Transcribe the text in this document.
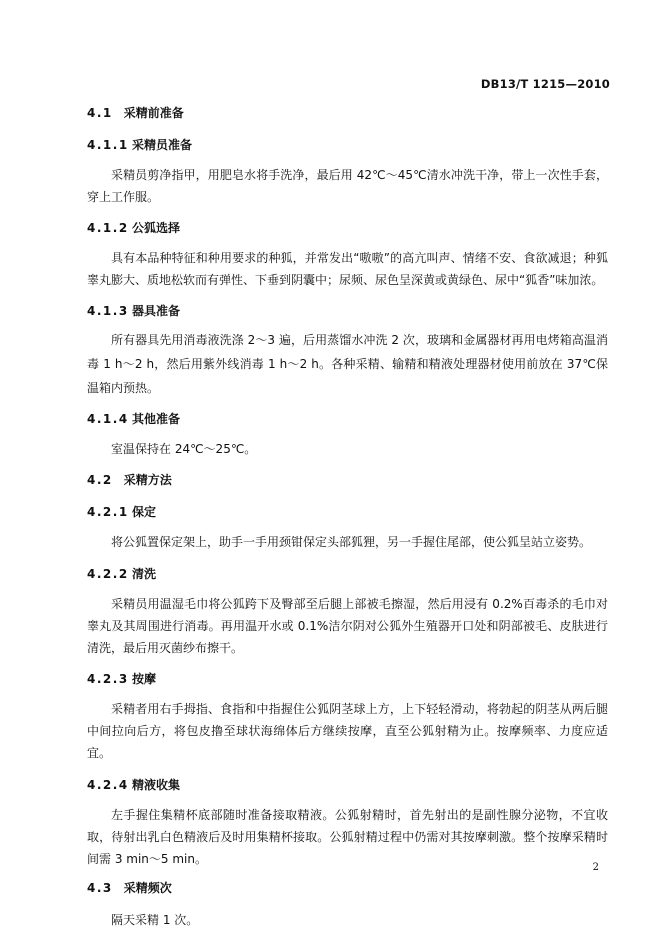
DB13/T 1215—2010
4.1 采精前准备
4.1.1 采精员准备

采精员剪净指甲，用肥皂水将手洗净，最后用 42℃～45℃清水冲洗干净，带上一次性手套，穿上工作服。

4.1.2 公狐选择

具有本品种特征和种用要求的种狐，并常发出“嗷嗷”的高亢叫声、情绪不安、食欲减退；种狐睾丸膨大、质地松软而有弹性、下垂到阴囊中；尿频、尿色呈深黄或黄绿色、尿中“狐香”味加浓。

4.1.3 器具准备

所有器具先用消毒液洗涤 2～3 遍，后用蒸馏水冲洗 2 次，玻璃和金属器材再用电烤箱高温消毒 1 h～2 h，然后用紫外线消毒 1 h～2 h。各种采精、输精和精液处理器材使用前放在 37℃保温箱内预热。

4.1.4 其他准备

室温保持在 24℃～25℃。

4.2 采精方法
4.2.1 保定

将公狐置保定架上，助手一手用颈钳保定头部狐狸，另一手握住尾部，使公狐呈站立姿势。

4.2.2 清洗

采精员用温湿毛巾将公狐跨下及臀部至后腿上部被毛擦湿，然后用浸有 0.2%百毒杀的毛巾对睾丸及其周围进行消毒。再用温开水或 0.1%洁尔阴对公狐外生殖器开口处和阴部被毛、皮肤进行清洗，最后用灭菌纱布擦干。

4.2.3 按摩

采精者用右手拇指、食指和中指握住公狐阴茎球上方，上下轻轻滑动，将勃起的阴茎从两后腿中间拉向后方，将包皮撸至球状海绵体后方继续按摩，直至公狐射精为止。按摩频率、力度应适宜。

4.2.4 精液收集

左手握住集精杯底部随时准备接取精液。公狐射精时，首先射出的是副性腺分泌物，不宜收取，待射出乳白色精液后及时用集精杯接取。公狐射精过程中仍需对其按摩刺激。整个按摩采精时间需 3 min～5 min。

4.3 采精频次

隔天采精 1 次。

2
